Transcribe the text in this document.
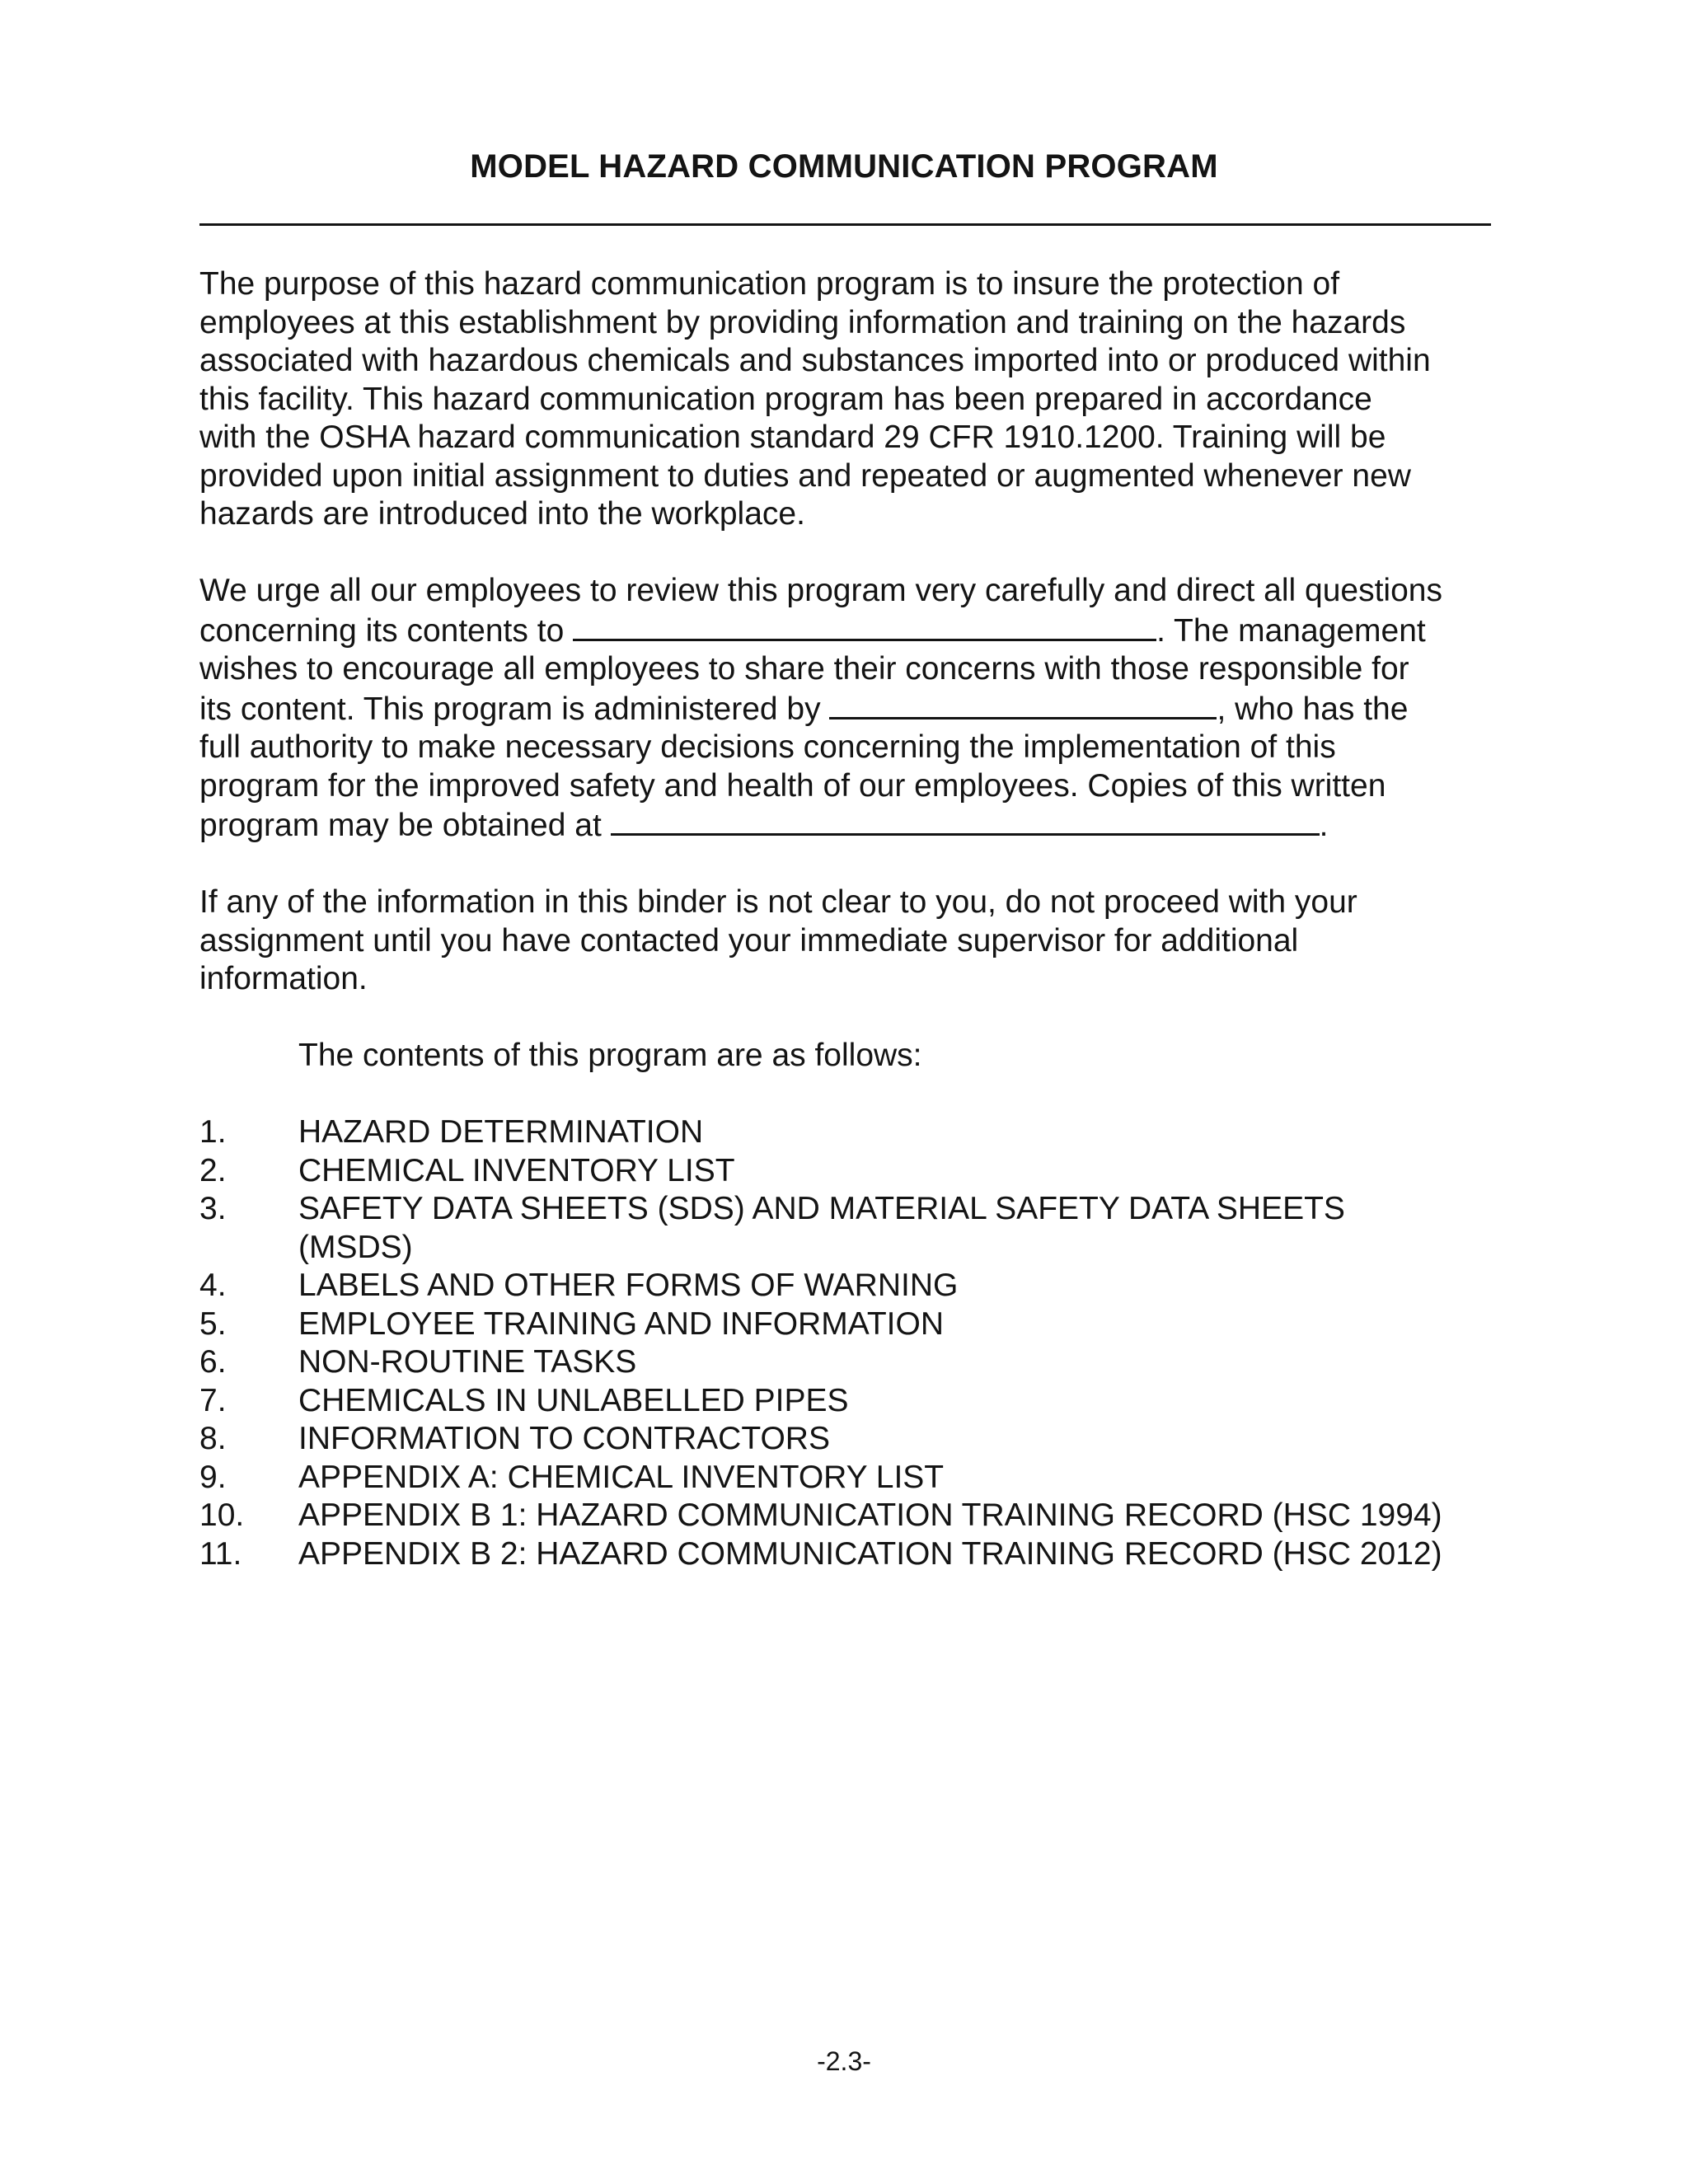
MODEL HAZARD COMMUNICATION PROGRAM
The purpose of this hazard communication program is to insure the protection of
employees at this establishment by providing information and training on the hazards
associated with hazardous chemicals and substances imported into or produced within
this facility. This hazard communication program has been prepared in accordance
with the OSHA hazard communication standard 29 CFR 1910.1200. Training will be
provided upon initial assignment to duties and repeated or augmented whenever new
hazards are introduced into the workplace.
We urge all our employees to review this program very carefully and direct all questions
concerning its contents to	. The management
wishes to encourage all employees to share their concerns with those responsible for
its content. This program is administered by	, who has the
full authority to make necessary decisions concerning the implementation of this
program for the improved safety and health of our employees. Copies of this written
program may be obtained at	.
If any of the information in this binder is not clear to you, do not proceed with your
assignment until you have contacted your immediate supervisor for additional
information.
The contents of this program are as follows:
1.	HAZARD DETERMINATION
2.	CHEMICAL INVENTORY LIST
3.	SAFETY DATA SHEETS (SDS) AND MATERIAL SAFETY DATA SHEETS
(MSDS)
4.	LABELS AND OTHER FORMS OF WARNING
5.	EMPLOYEE TRAINING AND INFORMATION
6.	NON-ROUTINE TASKS
7.	CHEMICALS IN UNLABELLED PIPES
8.	INFORMATION TO CONTRACTORS
9.	APPENDIX A: CHEMICAL INVENTORY LIST
10.	APPENDIX B 1: HAZARD COMMUNICATION TRAINING RECORD (HSC 1994)
11.	APPENDIX B 2: HAZARD COMMUNICATION TRAINING RECORD (HSC 2012)
-2.3-
